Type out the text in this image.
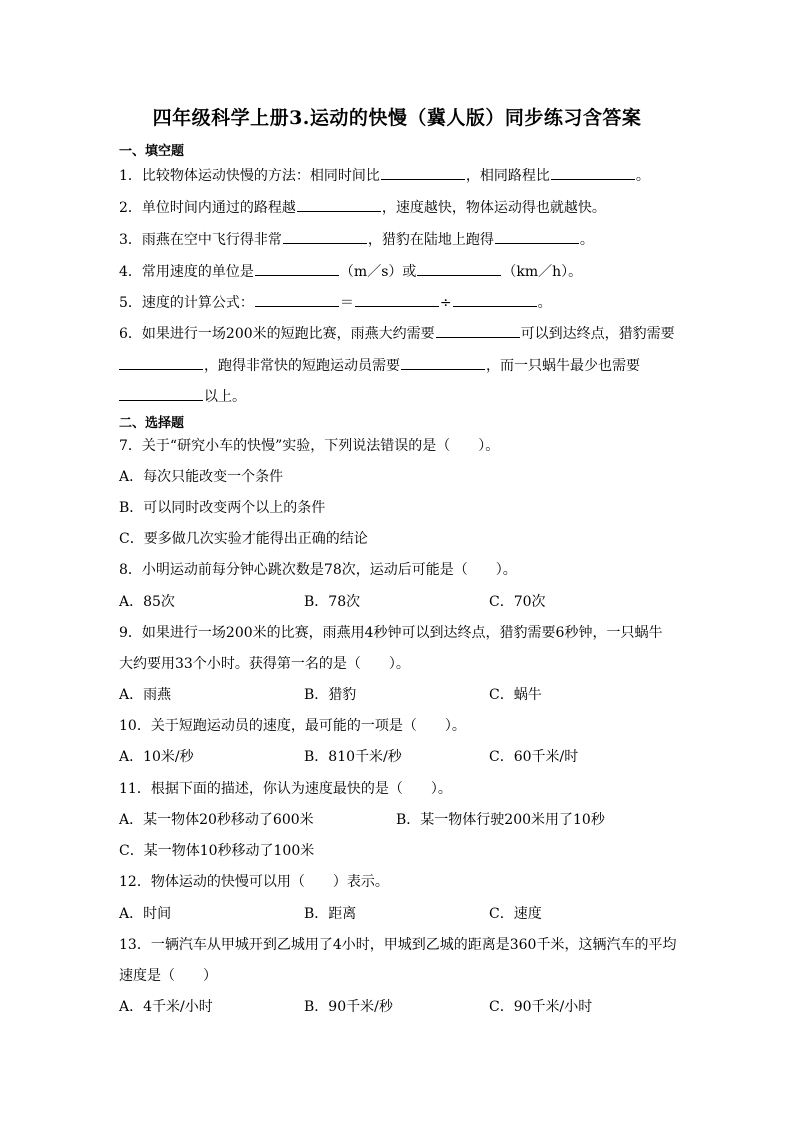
四年级科学上册3.运动的快慢（冀人版）同步练习含答案
一、填空题
1．比较物体运动快慢的方法：相同时间比	，相同路程比	。
2．单位时间内通过的路程越	，速度越快，物体运动得也就越快。
3．雨燕在空中飞行得非常	，猎豹在陆地上跑得	。
4．常用速度的单位是	（m／s）或	（km／h）。
5．速度的计算公式：	＝	÷	。
6．如果进行一场200米的短跑比赛，雨燕大约需要	可以到达终点，猎豹需要
，跑得非常快的短跑运动员需要	，而一只蜗牛最少也需要
以上。
二、选择题
7．关于“研究小车的快慢”实验，下列说法错误的是（　　）。
A．每次只能改变一个条件
B．可以同时改变两个以上的条件
C．要多做几次实验才能得出正确的结论
8．小明运动前每分钟心跳次数是78次，运动后可能是（　　）。
A．85次	B．78次	C．70次
9．如果进行一场200米的比赛，雨燕用4秒钟可以到达终点，猎豹需要6秒钟，一只蜗牛
大约要用33个小时。获得第一名的是（　　）。
A．雨燕	B．猎豹	C．蜗牛
10．关于短跑运动员的速度，最可能的一项是（　　）。
A．10米/秒	B．810千米/秒	C．60千米/时
11．根据下面的描述，你认为速度最快的是（　　）。
A．某一物体20秒移动了600米	B．某一物体行驶200米用了10秒
C．某一物体10秒移动了100米
12．物体运动的快慢可以用（　　）表示。
A．时间	B．距离	C．速度
13．一辆汽车从甲城开到乙城用了4小时，甲城到乙城的距离是360千米，这辆汽车的平均
速度是（　　）
A．4千米/小时	B．90千米/秒	C．90千米/小时
